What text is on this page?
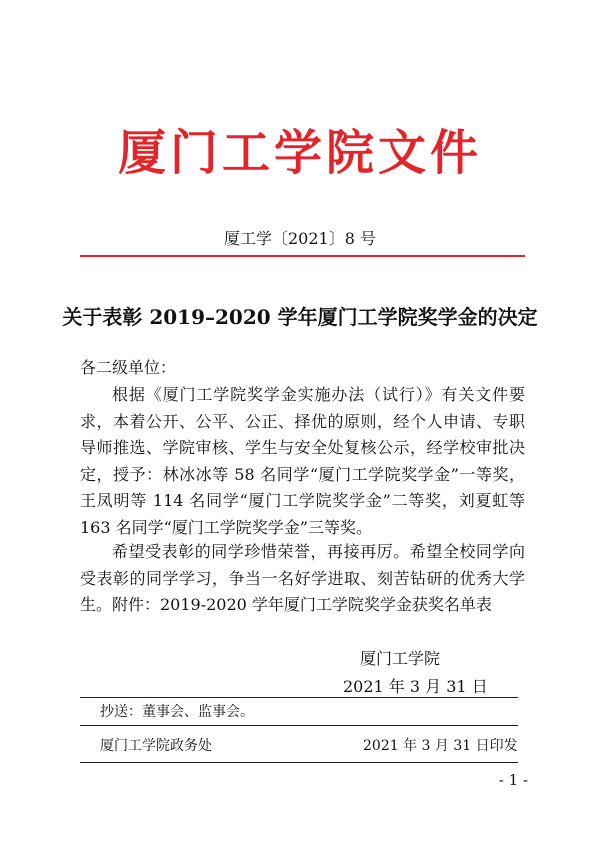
厦门工学院文件
厦工学〔2021〕8 号
关于表彰 2019–2020 学年厦门工学院奖学金的决定
各二级单位：
根据《厦门工学院奖学金实施办法（试行）》有关文件要求，本着公开、公平、公正、择优的原则，经个人申请、专职导师推选、学院审核、学生与安全处复核公示，经学校审批决定，授予：林冰冰等 58 名同学“厦门工学院奖学金”一等奖，王凤明等 114 名同学“厦门工学院奖学金”二等奖，刘夏虹等 163 名同学“厦门工学院奖学金”三等奖。
希望受表彰的同学珍惜荣誉，再接再厉。希望全校同学向受表彰的同学学习，争当一名好学进取、刻苦钻研的优秀大学生。 附件：2019-2020 学年厦门工学院奖学金获奖名单表
厦门工学院
2021 年 3 月 31 日
抄送：董事会、监事会。
厦门工学院政务处	2021 年 3 月 31 日印发
- 1 -
